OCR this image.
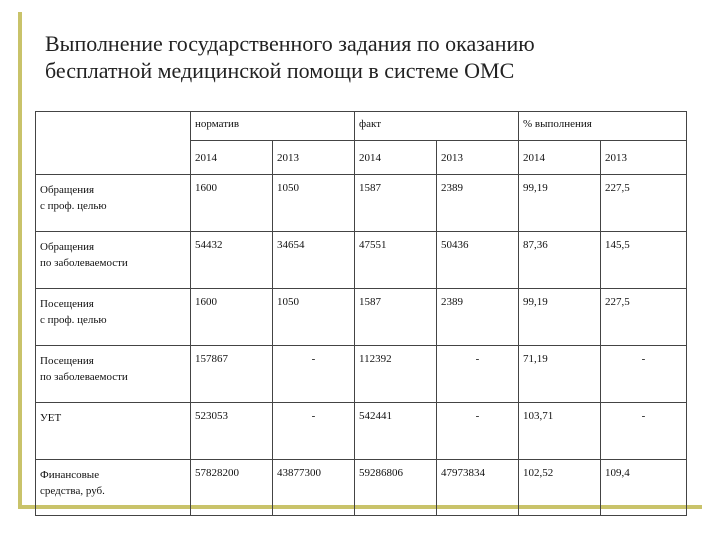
Выполнение государственного задания по оказанию
бесплатной медицинской помощи в системе ОМС
	норматив		факт		% выполнения	
	2014	2013	2014	2013	2014	2013

Обращения
с проф. целью	1600	1050	1587	2389	99,19	227,5

Обращения
по заболеваемости	54432	34654	47551	50436	87,36	145,5

Посещения
с проф. целью	1600	1050	1587	2389	99,19	227,5

Посещения
по заболеваемости	157867	-	112392	-	71,19	-

УЕТ	523053	-	542441	-	103,71	-

Финансовые
средства, руб.	57828200	43877300	59286806	47973834	102,52	109,4
